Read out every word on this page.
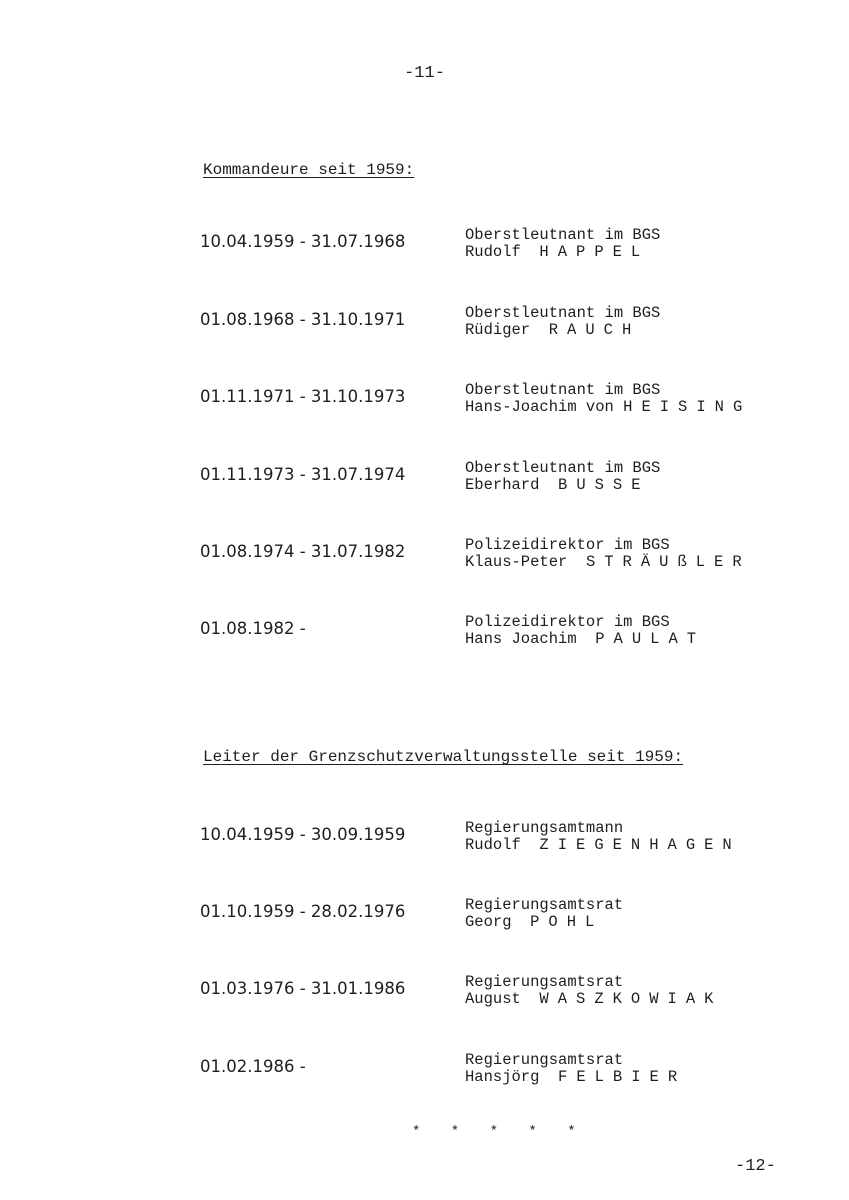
-11-
Kommandeure seit 1959:
10.04.1959 - 31.07.1968	Oberstleutnant im BGS
Rudolf HAPPEL
01.08.1968 - 31.10.1971	Oberstleutnant im BGS
Rüdiger RAUCH
01.11.1971 - 31.10.1973	Oberstleutnant im BGS
Hans-Joachim von HEISING
01.11.1973 - 31.07.1974	Oberstleutnant im BGS
Eberhard BUSSE
01.08.1974 - 31.07.1982	Polizeidirektor im BGS
Klaus-Peter STRÄUßLER
01.08.1982 -	Polizeidirektor im BGS
Hans Joachim PAULAT
Leiter der Grenzschutzverwaltungsstelle seit 1959:
10.04.1959 - 30.09.1959	Regierungsamtmann
Rudolf ZIEGENHAGEN
01.10.1959 - 28.02.1976	Regierungsamtsrat
Georg POHL
01.03.1976 - 31.01.1986	Regierungsamtsrat
August WASZKOWIAK
01.02.1986 -	Regierungsamtsrat
Hansjörg FELBIER
* * * * *
-12-
